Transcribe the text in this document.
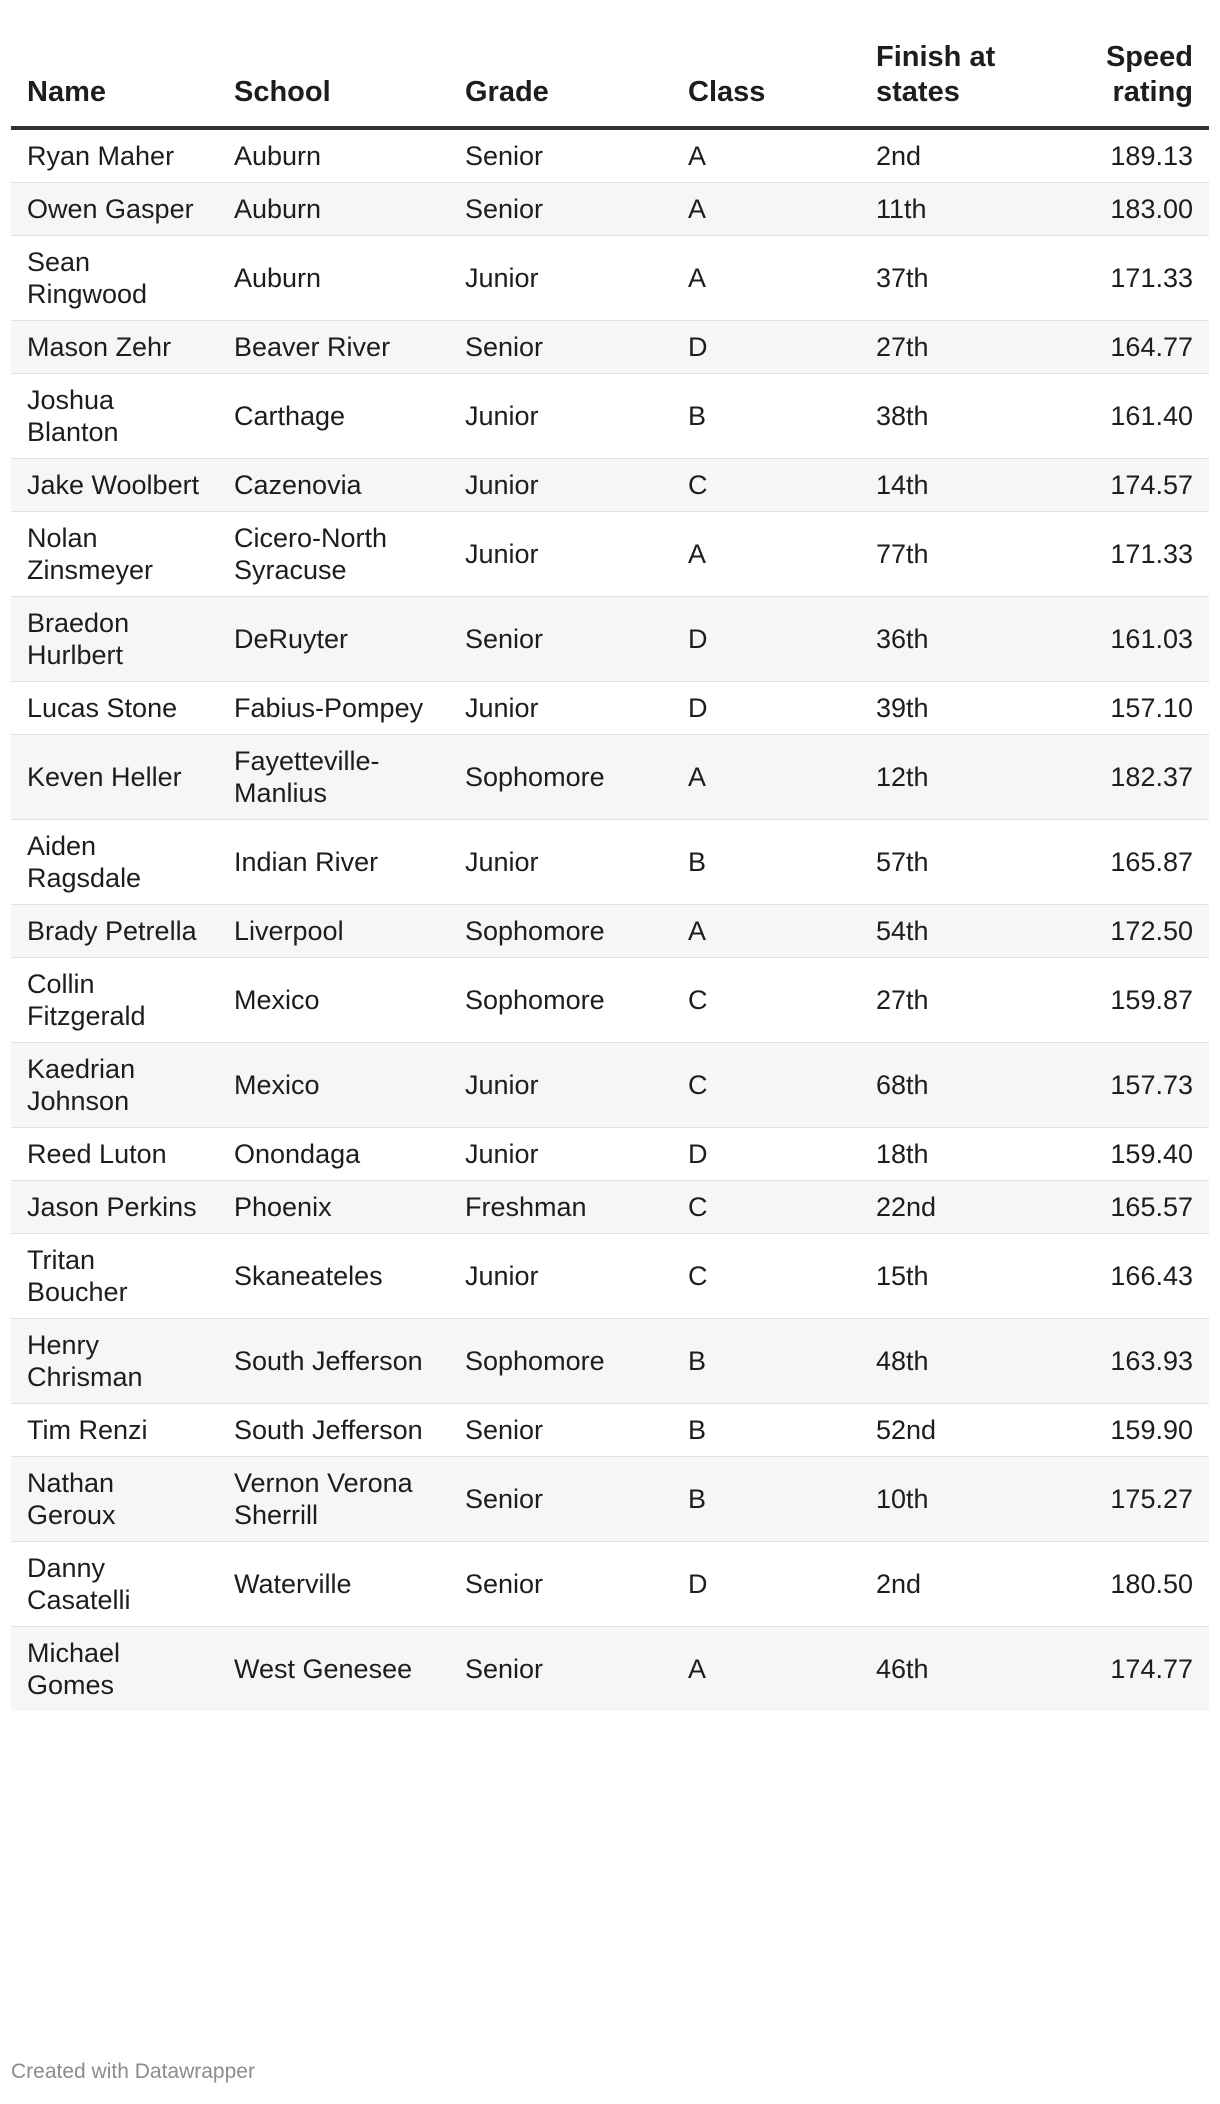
Name	School	Grade	Class	Finish at states	Speed rating
Ryan Maher	Auburn	Senior	A	2nd	189.13
Owen Gasper	Auburn	Senior	A	11th	183.00
Sean Ringwood	Auburn	Junior	A	37th	171.33
Mason Zehr	Beaver River	Senior	D	27th	164.77
Joshua Blanton	Carthage	Junior	B	38th	161.40
Jake Woolbert	Cazenovia	Junior	C	14th	174.57
Nolan Zinsmeyer	Cicero-North Syracuse	Junior	A	77th	171.33
Braedon Hurlbert	DeRuyter	Senior	D	36th	161.03
Lucas Stone	Fabius-Pompey	Junior	D	39th	157.10
Keven Heller	Fayetteville-Manlius	Sophomore	A	12th	182.37
Aiden Ragsdale	Indian River	Junior	B	57th	165.87
Brady Petrella	Liverpool	Sophomore	A	54th	172.50
Collin Fitzgerald	Mexico	Sophomore	C	27th	159.87
Kaedrian Johnson	Mexico	Junior	C	68th	157.73
Reed Luton	Onondaga	Junior	D	18th	159.40
Jason Perkins	Phoenix	Freshman	C	22nd	165.57
Tritan Boucher	Skaneateles	Junior	C	15th	166.43
Henry Chrisman	South Jefferson	Sophomore	B	48th	163.93
Tim Renzi	South Jefferson	Senior	B	52nd	159.90
Nathan Geroux	Vernon Verona Sherrill	Senior	B	10th	175.27
Danny Casatelli	Waterville	Senior	D	2nd	180.50
Michael Gomes	West Genesee	Senior	A	46th	174.77
Created with Datawrapper
